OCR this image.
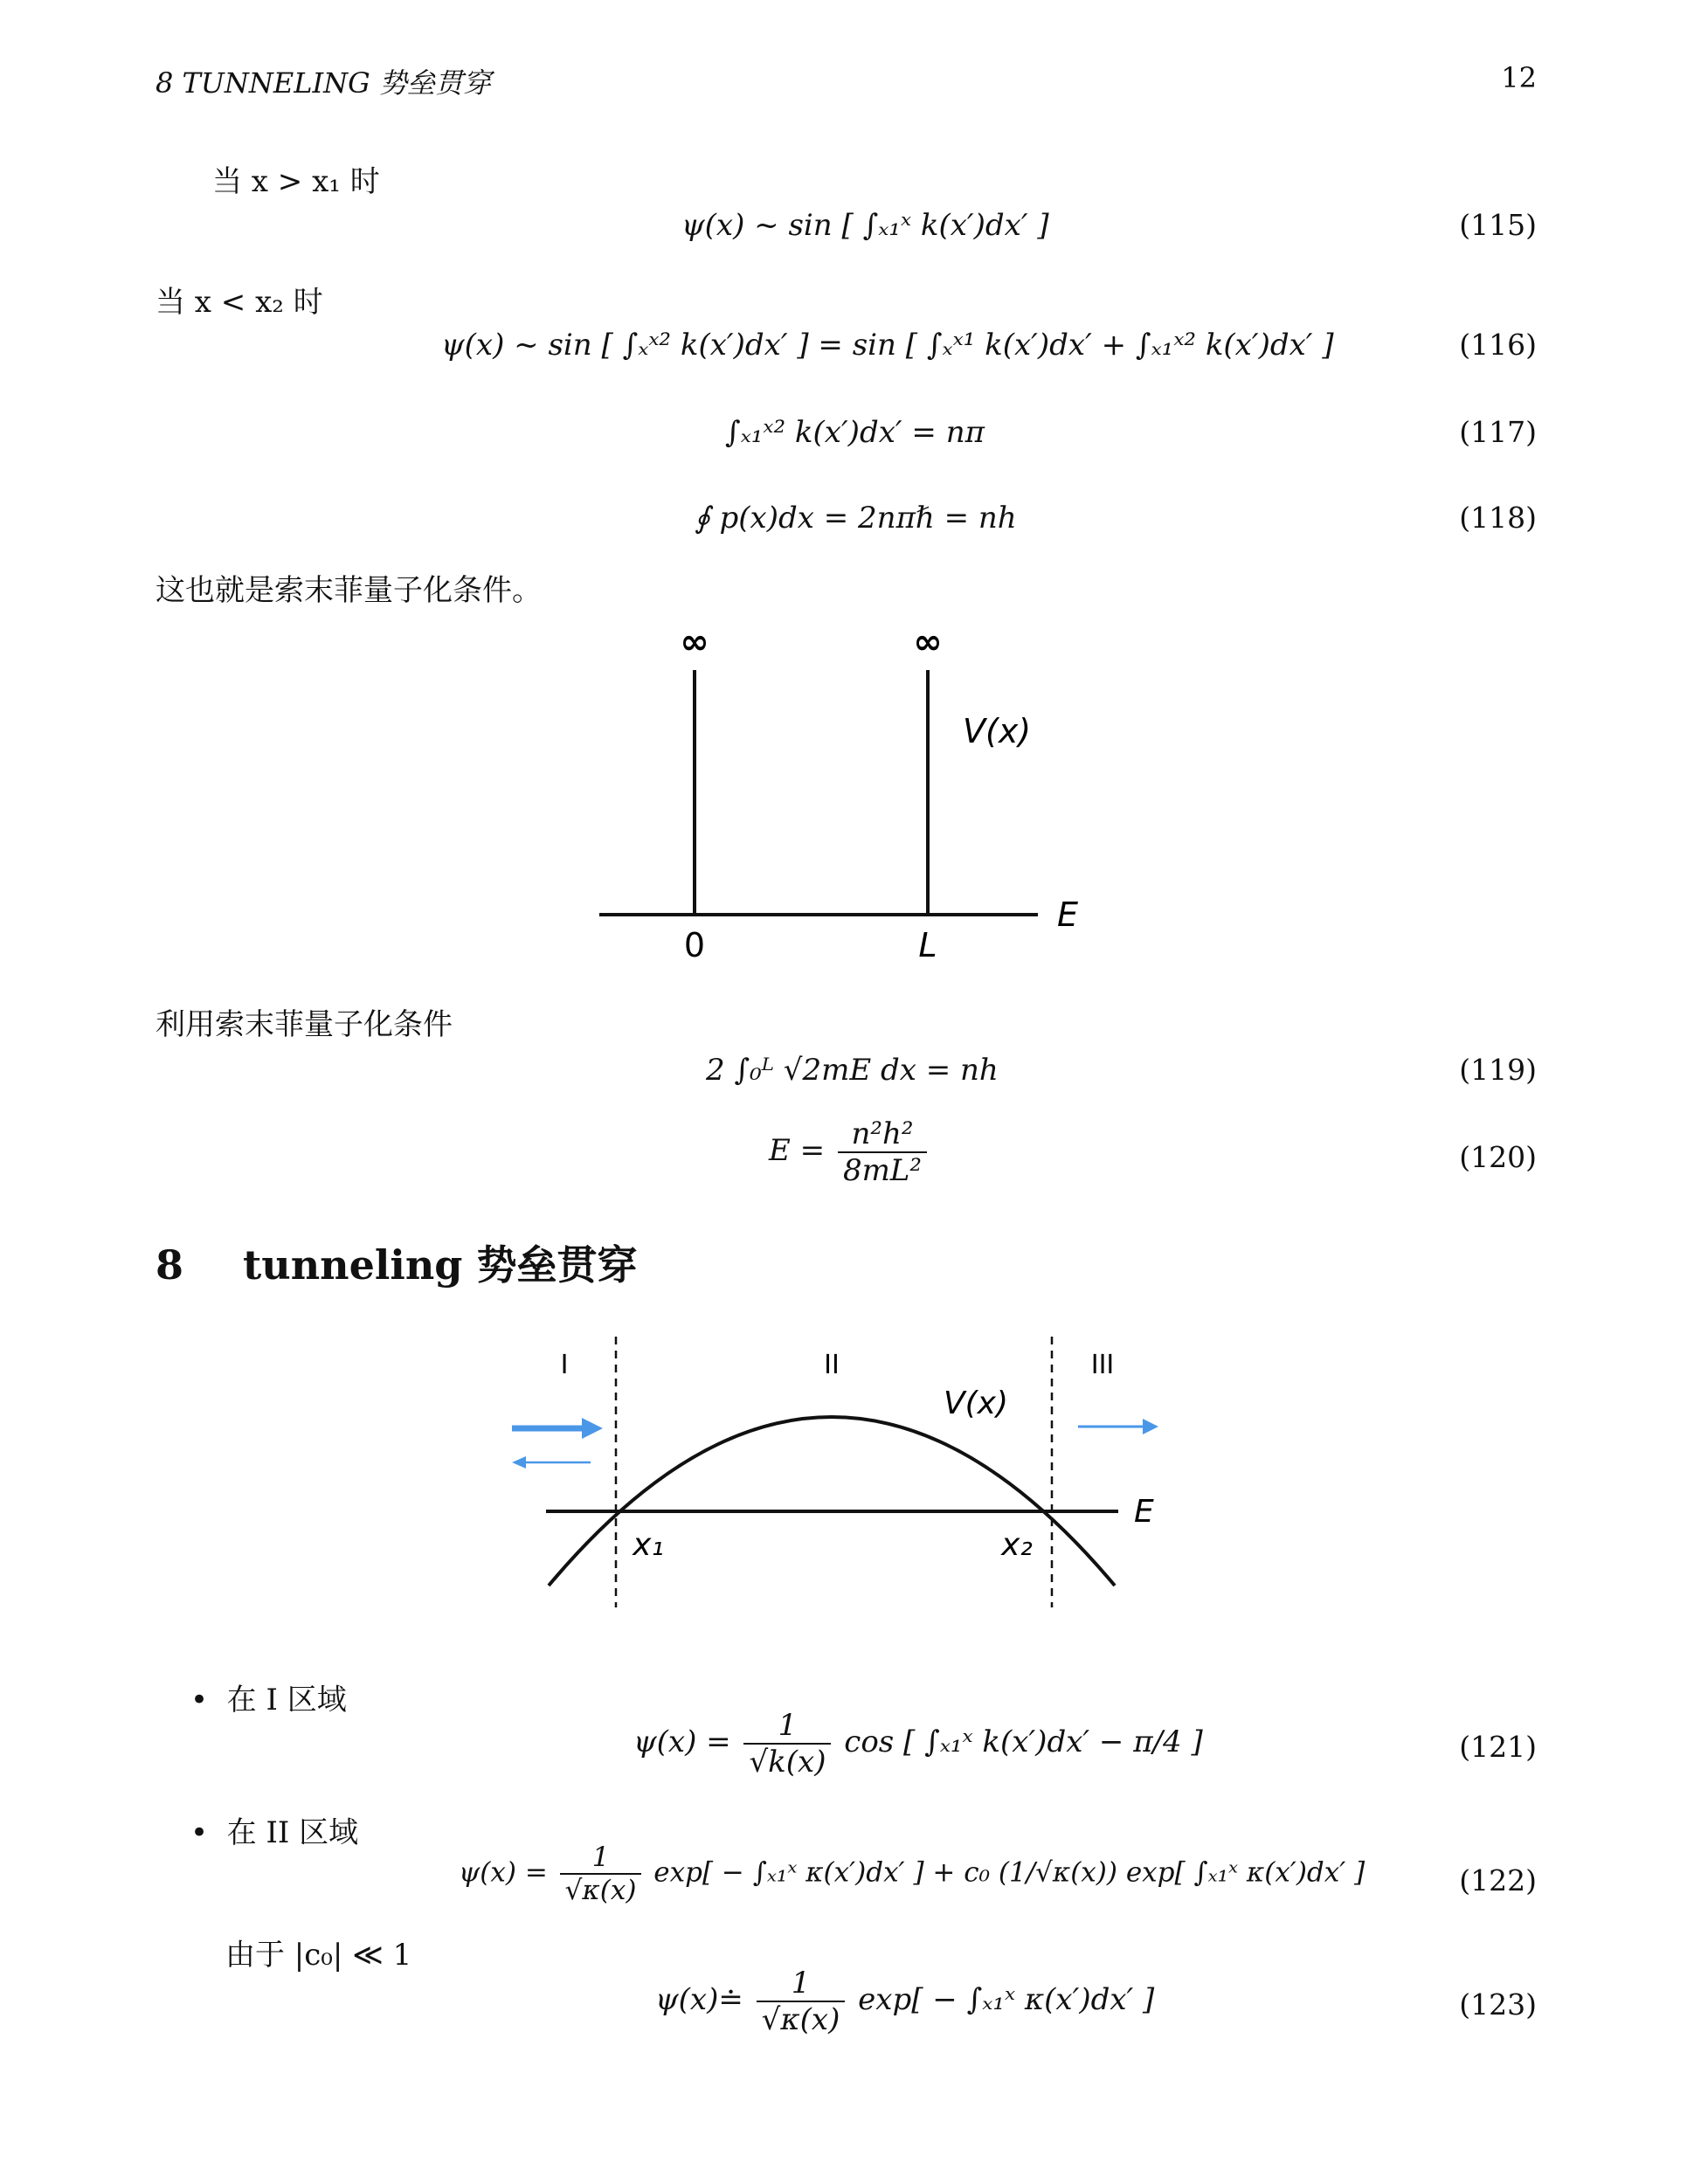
8 TUNNELING 势垒贯穿	12
当 x > x₁ 时
ψ(x) ~ sin [ ∫ₓ₁ˣ k(x′)dx′ ]	(115)
当 x < x₂ 时
ψ(x) ~ sin [ ∫ₓˣ² k(x′)dx′ ] = sin [ ∫ₓˣ¹ k(x′)dx′ + ∫ₓ₁ˣ² k(x′)dx′ ]	(116)
∫ₓ₁ˣ² k(x′)dx′ = nπ	(117)
∮ p(x)dx = 2nπℏ = nh	(118)
这也就是索末菲量子化条件。
∞	∞
V(x)
E
0	L
利用索末菲量子化条件
2 ∫₀ᴸ √2mE dx = nh	(119)
$E = \frac{\text{n²h²}}{\text{8mL²}}$	(120)
8 tunneling 势垒贯穿
I	II	III
V(x)
E
x₁	x₂
•  在 I 区域
$\psi(x) = \frac{1}{√k(x)}$ cos [ ∫ₓ₁ˣ k(x′)dx′ − π/4 ]	(121)
•  在 II 区域
$\psi(x) = \frac{1}{√\kappa(x)} \exp$[ − ∫ₓ₁ˣ κ(x′)dx′ ] + c₀ (1/√κ(x)) exp[ ∫ₓ₁ˣ κ(x′)dx′ ]	(122)
由于 |c₀| ≪ 1
ψ(x)≐ $\frac{1}{√\kappa(x)} \exp$[ − ∫ₓ₁ˣ κ(x′)dx′ ]	(123)
